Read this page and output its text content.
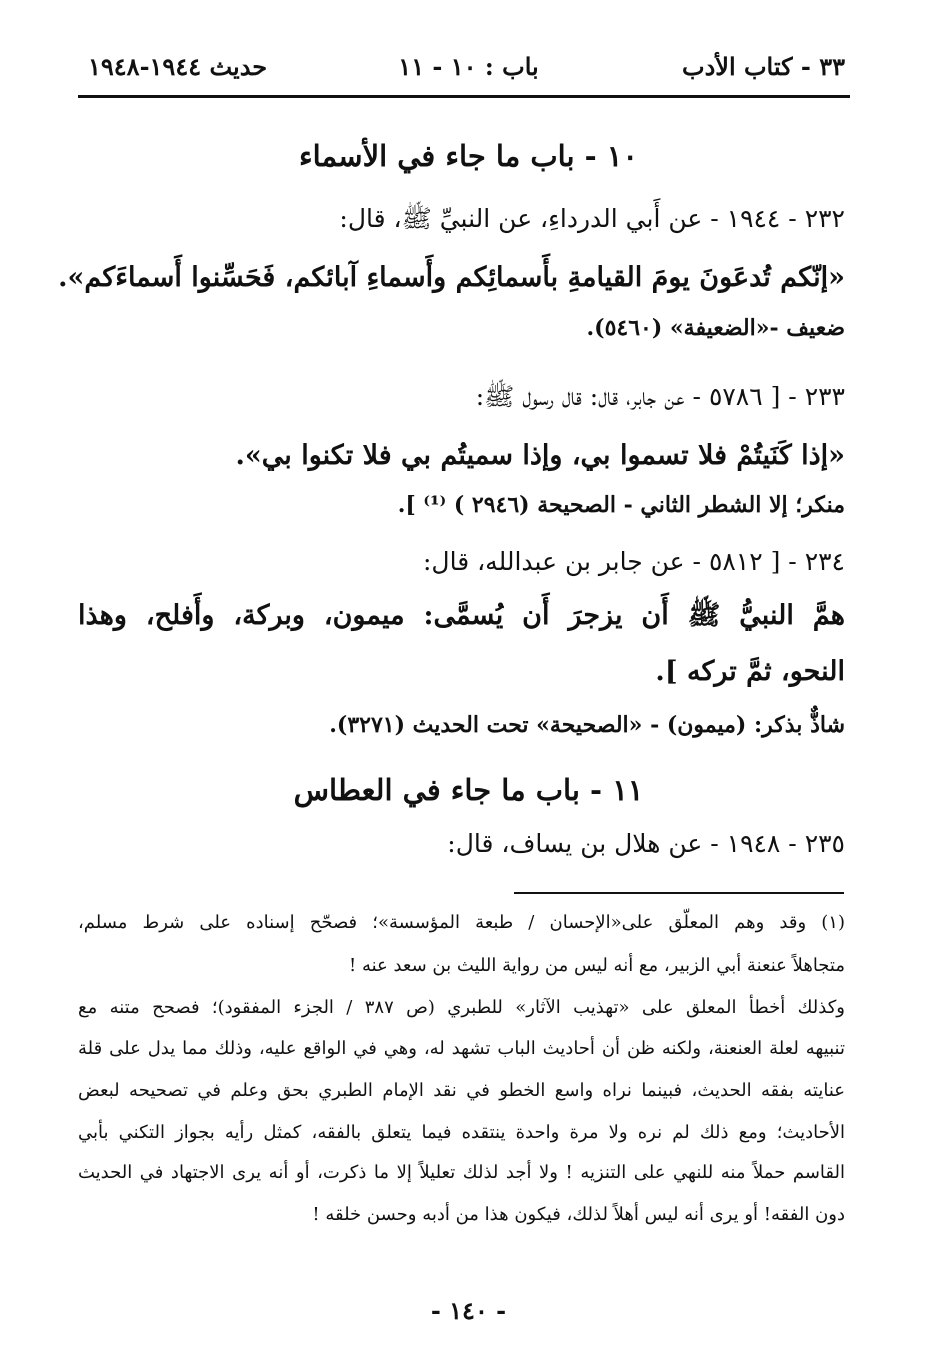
٣٣ - كتاب الأدب
باب : ١٠ - ١١
حديث ١٩٤٤-١٩٤٨
١٠ - باب ما جاء في الأسماء
٢٣٢ - ١٩٤٤ - عن أَبي الدرداءِ، عن النبيِّ ﷺ، قال:
«إنّكم تُدعَونَ يومَ القيامةِ بأَسمائِكم وأَسماءِ آبائكم، فَحَسِّنوا أَسماءَكم».
ضعيف -«الضعيفة» (٥٤٦٠).
٢٣٣ - [ ٥٧٨٦ - عن جابر، قال: قال رسول ﷺ:
«إذا كَنَيتُمْ فلا تسموا بي، وإذا سميتُم بي فلا تكنوا بي».
منكر؛ إلا الشطر الثاني - الصحيحة (٢٩٤٦ ) ⁽¹⁾ ].
٢٣٤ - [ ٥٨١٢ - عن جابر بن عبدالله، قال:
همَّ النبيُّ ﷺ أَن يزجرَ أَن يُسمَّى: ميمون، وبركة، وأَفلح، وهذا
النحو، ثمَّ تركه ].
شاذٌّ بذكر: (ميمون) - «الصحيحة» تحت الحديث (٣٢٧١).
١١ - باب ما جاء في العطاس
٢٣٥ - ١٩٤٨ - عن هلال بن يساف، قال:
(١) وقد وهم المعلّق على«الإحسان / طبعة المؤسسة»؛ فصحّح إسناده على شرط مسلم،
متجاهلاً عنعنة أبي الزبير، مع أنه ليس من رواية الليث بن سعد عنه !
وكذلك أخطأ المعلق على «تهذيب الآثار» للطبري (ص ٣٨٧ / الجزء المفقود)؛ فصحح متنه مع
تنبيهه لعلة العنعنة، ولكنه ظن أن أحاديث الباب تشهد له، وهي في الواقع عليه، وذلك مما يدل على قلة
عنايته بفقه الحديث، فبينما نراه واسع الخطو في نقد الإمام الطبري بحق وعلم في تصحيحه لبعض
الأحاديث؛ ومع ذلك لم نره ولا مرة واحدة ينتقده فيما يتعلق بالفقه، كمثل رأيه بجواز التكني بأبي
القاسم حملاً منه للنهي على التنزيه ! ولا أجد لذلك تعليلاً إلا ما ذكرت، أو أنه يرى الاجتهاد في الحديث
دون الفقه! أو يرى أنه ليس أهلاً لذلك، فيكون هذا من أدبه وحسن خلقه !
- ١٤٠ -
